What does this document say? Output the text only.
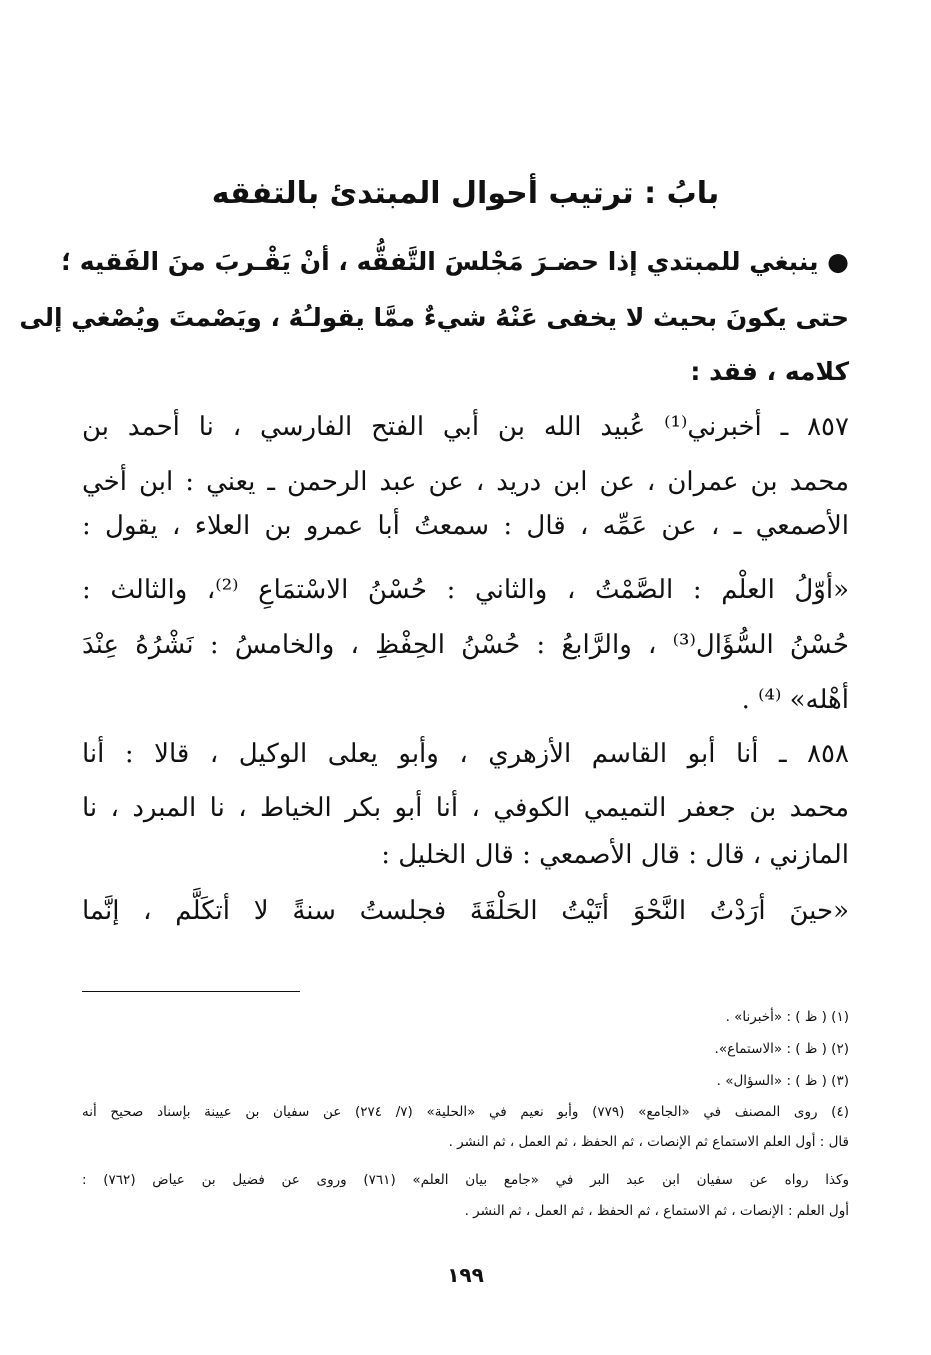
بابُ : ترتيب أحوال المبتدئ بالتفقه
● ينبغي للمبتدي إذا حضـرَ مَجْلسَ التَّفقُّه ، أنْ يَقْـربَ منَ الفَقيه ؛
حتى يكونَ بحيث لا يخفى عَنْهُ شيءٌ ممَّا يقولـُهُ ، ويَصْمتَ ويُصْغي إلى
كلامه ، فقد :
٨٥٧ ـ أخبرني⁽¹⁾ عُبيد الله بن أبي الفتح الفارسي ، نا أحمد بن
محمد بن عمران ، عن ابن دريد ، عن عبد الرحمن ـ يعني : ابن أخي
الأصمعي ـ ، عن عَمِّه ، قال : سمعتُ أبا عمرو بن العلاء ، يقول :
«أوّلُ العلْم : الصَّمْتُ ، والثاني : حُسْنُ الاسْتمَاعِ ⁽²⁾، والثالث :
حُسْنُ السُّؤَال⁽³⁾ ، والرَّابعُ : حُسْنُ الحِفْظِ ، والخامسُ : نَشْرُهُ عِنْدَ
أهْله» ⁽⁴⁾ .
٨٥٨ ـ أنا أبو القاسم الأزهري ، وأبو يعلى الوكيل ، قالا : أنا
محمد بن جعفر التميمي الكوفي ، أنا أبو بكر الخياط ، نا المبرد ، نا
المازني ، قال : قال الأصمعي : قال الخليل :
«حينَ أرَدْتُ النَّحْوَ أتَيْتُ الحَلْقَةَ فجلستُ سنةً لا أتكَلَّم ، إنَّما
(١) ( ظ ) : «أخبرنا» .
(٢) ( ظ ) : «الاستماع».
(٣) ( ظ ) : «السؤال» .
(٤) روى المصنف في «الجامع» (٧٧٩) وأبو نعيم في «الحلية» (٧/ ٢٧٤) عن سفيان بن عيينة بإسناد صحيح أنه
قال : أول العلم الاستماع ثم الإنصات ، ثم الحفظ ، ثم العمل ، ثم النشر .
وكذا رواه عن سفيان ابن عبد البر في «جامع بيان العلم» (٧٦١) وروى عن فضيل بن عياض (٧٦٢) :
أول العلم : الإنصات ، ثم الاستماع ، ثم الحفظ ، ثم العمل ، ثم النشر .
١٩٩
